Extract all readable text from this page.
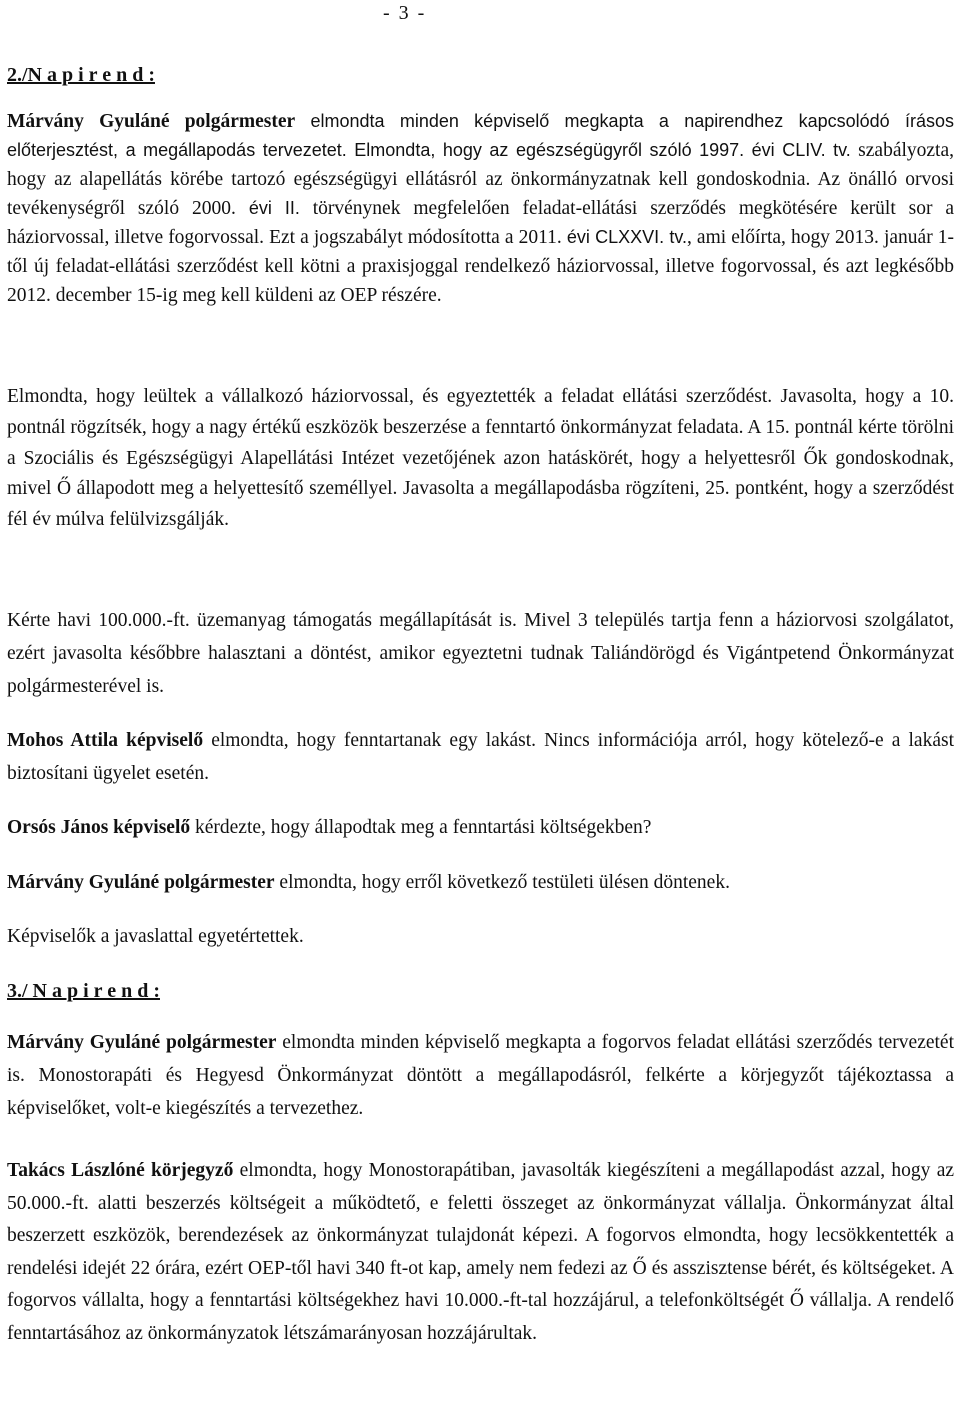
- 3 -
2./N a p i r e n d :

Márvány Gyuláné polgármester elmondta minden képviselő megkapta a napirendhez kapcsolódó írásos előterjesztést, a megállapodás tervezetet. Elmondta, hogy az egészségügyről szóló 1997. évi CLIV. tv. szabályozta, hogy az alapellátás körébe tartozó egészségügyi ellátásról az önkormányzatnak kell gondoskodnia. Az önálló orvosi tevékenységről szóló 2000. évi II. törvénynek megfelelően feladat-ellátási szerződés megkötésére került sor a háziorvossal, illetve fogorvossal. Ezt a jogszabályt módosította a 2011. évi CLXXVI. tv., ami előírta, hogy 2013. január 1-től új feladat-ellátási szerződést kell kötni a praxisjoggal rendelkező háziorvossal, illetve fogorvossal, és azt legkésőbb 2012. december 15-ig meg kell küldeni az OEP részére.

Elmondta, hogy leültek a vállalkozó háziorvossal, és egyeztették a feladat ellátási szerződést. Javasolta, hogy a 10. pontnál rögzítsék, hogy a nagy értékű eszközök beszerzése a fenntartó önkormányzat feladata. A 15. pontnál kérte törölni a Szociális és Egészségügyi Alapellátási Intézet vezetőjének azon hatáskörét, hogy a helyettesről Ők gondoskodnak, mivel Ő állapodott meg a helyettesítő személlyel. Javasolta a megállapodásba rögzíteni, 25. pontként, hogy a szerződést fél év múlva felülvizsgálják.

Kérte havi 100.000.-ft. üzemanyag támogatás megállapítását is. Mivel 3 település tartja fenn a háziorvosi szolgálatot, ezért javasolta későbbre halasztani a döntést, amikor egyeztetni tudnak Taliándörögd és Vigántpetend Önkormányzat polgármesterével is.

Mohos Attila képviselő elmondta, hogy fenntartanak egy lakást. Nincs információja arról, hogy kötelező-e a lakást biztosítani ügyelet esetén.

Orsós János képviselő kérdezte, hogy állapodtak meg a fenntartási költségekben?

Márvány Gyuláné polgármester elmondta, hogy erről következő testületi ülésen döntenek.

Képviselők a javaslattal egyetértettek.

3./ N a p i r e n d :

Márvány Gyuláné polgármester elmondta minden képviselő megkapta a fogorvos feladat ellátási szerződés tervezetét is. Monostorapáti és Hegyesd Önkormányzat döntött a megállapodásról, felkérte a körjegyzőt tájékoztassa a képviselőket, volt-e kiegészítés a tervezethez.

Takács Lászlóné körjegyző elmondta, hogy Monostorapátiban, javasolták kiegészíteni a megállapodást azzal, hogy az 50.000.-ft. alatti beszerzés költségeit a működtető, e feletti összeget az önkormányzat vállalja. Önkormányzat által beszerzett eszközök, berendezések az önkormányzat tulajdonát képezi. A fogorvos elmondta, hogy lecsökkentették a rendelési idejét 22 órára, ezért OEP-től havi 340 ft-ot kap, amely nem fedezi az Ő és asszisztense bérét, és költségeket. A fogorvos vállalta, hogy a fenntartási költségekhez havi 10.000.-ft-tal hozzájárul, a telefonköltségét Ő vállalja. A rendelő fenntartásához az önkormányzatok létszámarányosan hozzájárultak.
